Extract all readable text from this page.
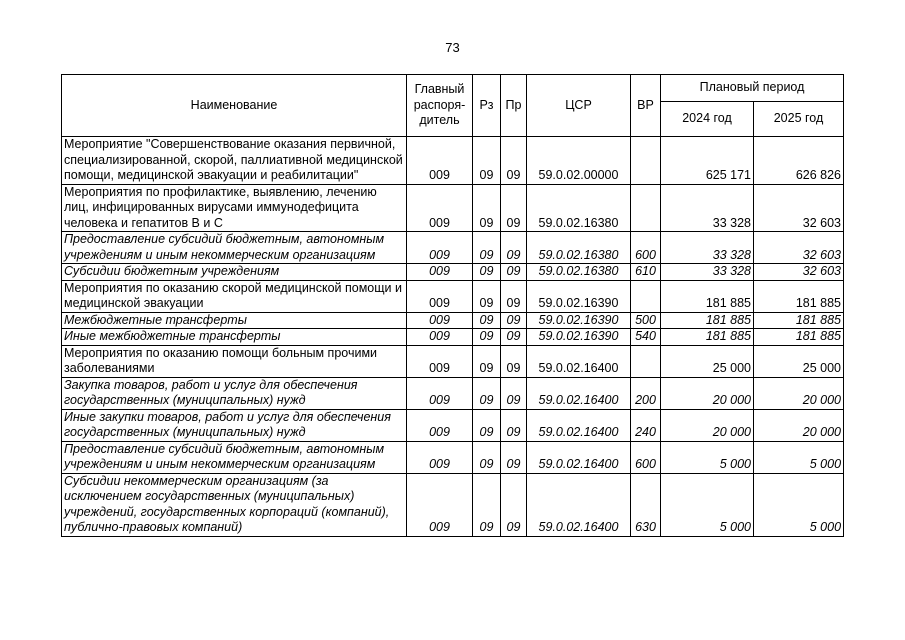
73
Наименование	Главный распоря-дитель	Рз	Пр	ЦСР	ВР	Плановый период	
						2024 год	2025 год
Мероприятие "Совершенствование оказания первичной, специализированной, скорой, паллиативной медицинской помощи, медицинской эвакуации и реабилитации"	009	09	09	59.0.02.00000		625 171	626 826
Мероприятия по профилактике, выявлению, лечению лиц, инфицированных вирусами иммунодефицита человека и гепатитов В и С	009	09	09	59.0.02.16380		33 328	32 603
Предоставление субсидий бюджетным, автономным учреждениям и иным некоммерческим организациям	009	09	09	59.0.02.16380	600	33 328	32 603
Субсидии бюджетным учреждениям	009	09	09	59.0.02.16380	610	33 328	32 603
Мероприятия по оказанию скорой медицинской помощи и медицинской эвакуации	009	09	09	59.0.02.16390		181 885	181 885
Межбюджетные трансферты	009	09	09	59.0.02.16390	500	181 885	181 885
Иные межбюджетные трансферты	009	09	09	59.0.02.16390	540	181 885	181 885
Мероприятия по оказанию помощи больным прочими заболеваниями	009	09	09	59.0.02.16400		25 000	25 000
Закупка товаров, работ и услуг для обеспечения государственных (муниципальных) нужд	009	09	09	59.0.02.16400	200	20 000	20 000
Иные закупки товаров, работ и услуг для обеспечения государственных (муниципальных) нужд	009	09	09	59.0.02.16400	240	20 000	20 000
Предоставление субсидий бюджетным, автономным учреждениям и иным некоммерческим организациям	009	09	09	59.0.02.16400	600	5 000	5 000
Субсидии некоммерческим организациям (за исключением государственных (муниципальных) учреждений, государственных корпораций (компаний), публично-правовых компаний)	009	09	09	59.0.02.16400	630	5 000	5 000
